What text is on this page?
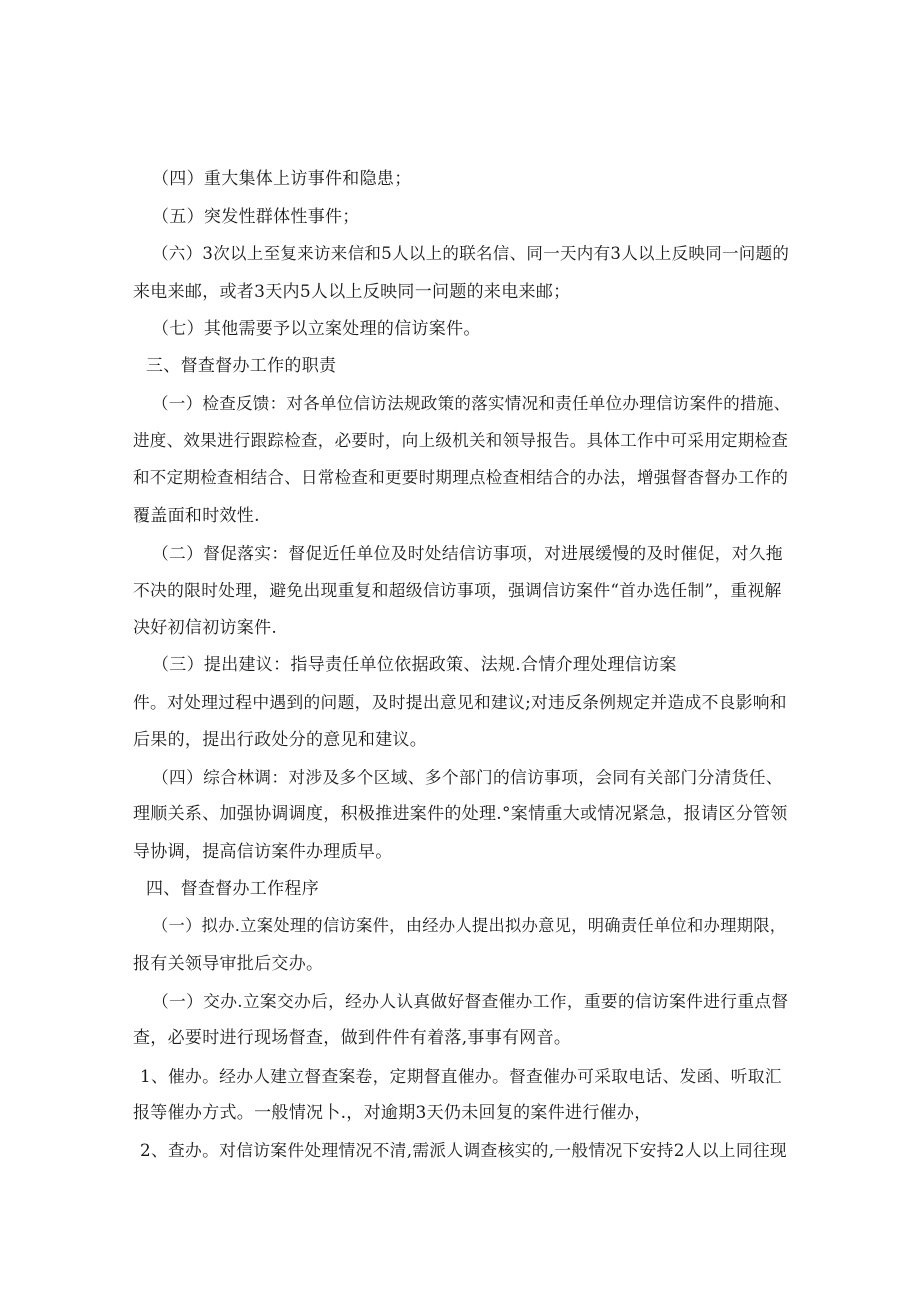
（四）重大集体上访事件和隐患；
（五）突发性群体性事件；
（六）3次以上至复来访来信和5人以上的联名信、同一天内有3人以上反映同一问题的
来电来邮，或者3天内5人以上反映同一问题的来电来邮；
（七）其他需要予以立案处理的信访案件。
三、督查督办工作的职责
（一）检查反馈：对各单位信访法规政策的落实情况和责任单位办理信访案件的措施、
进度、效果进行跟踪检查，必要时，向上级机关和领导报告。具体工作中可采用定期检查
和不定期检查相结合、日常检查和更要时期理点检查相结合的办法，增强督杳督办工作的
覆盖面和时效性.
（二）督促落实：督促近任单位及时处结信访事项，对进展缓慢的及时催促，对久拖
不决的限时处理，避免出现重复和超级信访事项，强调信访案件“首办选任制”，重视解
决好初信初访案件.
（三）提出建议：指导责任单位依据政策、法规.合情介理处理信访案
件。对处理过程中遇到的问题，及时提出意见和建议;对违反条例规定并造成不良影响和
后果的，提出行政处分的意见和建议。
（四）综合林调：对涉及多个区域、多个部门的信访事项，会同有关部门分清货任、
理顺关系、加强协调调度，积极推进案件的处理.°案情重大或情况紧急，报请区分管领
导协调，提高信访案件办理质早。
四、督查督办工作程序
（一）拟办.立案处理的信访案件，由经办人提出拟办意见，明确责任单位和办理期限，
报有关领导审批后交办。
（一）交办.立案交办后，经办人认真做好督查催办工作，重要的信访案件进行重点督
查，必要时进行现场督查，做到件件有着落,事事有网音。
1、催办。经办人建立督查案卷，定期督直催办。督查催办可采取电话、发函、听取汇
报等催办方式。一般情况卜.，对逾期3天仍未回复的案件进行催办，
2、查办。对信访案件处理情况不清,需派人调查核实的,一般情况下安持2人以上同往现
